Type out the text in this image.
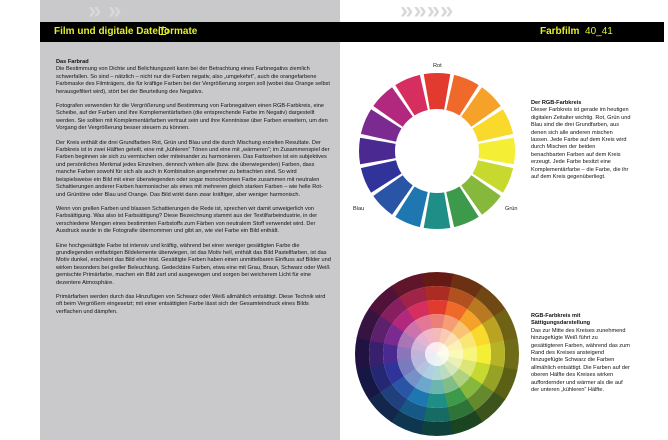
» »	»»»»
Film und digitale Dateiformate	Farbfilm 40_41
Das Farbrad

Die Bestimmung von Dichte und Belichtungszeit kann bei der Betrachtung eines Farbnegativs ziemlich schwerfallen. So sind – nätzlich – nicht nur die Farben negativ, also „umgekehrt“, auch die orangefarbene Farbmaske des Filmträgers, die für kräftige Farben bei der Vergrößerung sorgen soll (wobei das Orange selbst herausgefiltert wird), stört bei der Beurteilung des Negativs.

Fotografen verwenden für die Vergrößerung und Bestimmung von Farbnegativen einen RGB-Farbkreis, eine Scheibe, auf der Farben und ihre Komplementärfarben (die entsprechende Farbe im Negativ) dargestellt werden. Sie sollten mit Komplementärfarben vertraut sein und ihre Kenntnisse über Farben erweitern, um den Vorgang der Vergrößerung besser steuern zu können.

Der Kreis enthält die drei Grundfarben Rot, Grün und Blau und die durch Mischung erzielten Resultate. Der Farbkreis ist in zwei Hälften geteilt, eine mit „kühleren“ Tönen und eine mit „wärmeren“; im Zusammenspiel der Farben beginnen sie sich zu vermischen oder miteinander zu harmonieren. Das Farbsehen ist ein subjektives und persönliches Merkmal jedes Einzelnen, dennoch wirken alle (bzw. die überwiegenden) Farben, dass manche Farben sowohl für sich als auch in Kombination angenehmer zu betrachten sind. So wird beispielsweise ein Bild mit einer überwiegenden oder sogar monochromen Farbe zusammen mit neutralen Schattierungen anderer Farben harmonischer als eines mit mehreren gleich starken Farben – wie helle Rot- und Grüntöne oder Blau und Orange. Das Bild wirkt dann zwar kräftiger, aber weniger harmonisch.

Wenn von grellen Farben und blassen Schattierungen die Rede ist, sprechen wir damit unweigerlich von Farbsättigung. Was also ist Farbsättigung? Diese Bezeichnung stammt aus der Textilfarbeindustrie, in der verschiedene Mengen eines bestimmten Farbstoffs zum Färben von neutralem Stoff verwendet wird. Der Ausdruck wurde in die Fotografie übernommen und gibt an, wie viel Farbe ein Bild enthält.

Eine hochgesättigte Farbe ist intensiv und kräftig, während bei einer weniger gesättigten Farbe die grundlegenden entfarbigen Bildelemente überwiegen, ist das Motiv hell, enthält das Bild Pastellfarben, ist das Motiv dunkel, erscheint das Bild eher trist. Gesättigte Farben haben einen unmittelbaren Einfluss auf Bilder und wirken besonders bei greller Beleuchtung. Gedecktäre Farben, etwa eine mit Grau, Braun, Schwarz oder Weiß gemischte Primärfarbe, machen ein Bild zart und ausgewogen und sorgen bei weicherem Licht für eine dezentere Atmosphäre.

Primärfarben werden durch das Hinzufügen von Schwarz oder Weiß allmählich entsättigt. Diese Technik wird oft beim Vergrößern eingesetzt; mit einer entsättigten Farbe lässt sich der Gesamteindruck eines Bilds verflachen und dämpfen.

Rot
Blau	Grün
Der RGB-Farbkreis
Dieser Farbkreis ist gerade im heutigen digitalen Zeitalter wichtig. Rot, Grün und Blau sind die drei Grundfarben, aus denen sich alle anderen mischen lassen. Jede Farbe auf dem Kreis wird durch Mischen der beiden benachbarten Farben auf dem Kreis erzeugt. Jede Farbe besitzt eine Komplementärfarbe – die Farbe, die ihr auf dem Kreis gegenüberliegt.
RGB-Farbkreis mit Sättigungsdarstellung
Das zur Mitte des Kreises zunehmend hinzugefügte Weiß führt zu gesättigteren Farben, während das zum Rand des Kreises ansteigend hinzugefügte Schwarz die Farben allmählich entsättigt. Die Farben auf der oberen Hälfte des Kreises wirken auffordernder und wärmer als die auf der unteren „kühleren“ Hälfte.
